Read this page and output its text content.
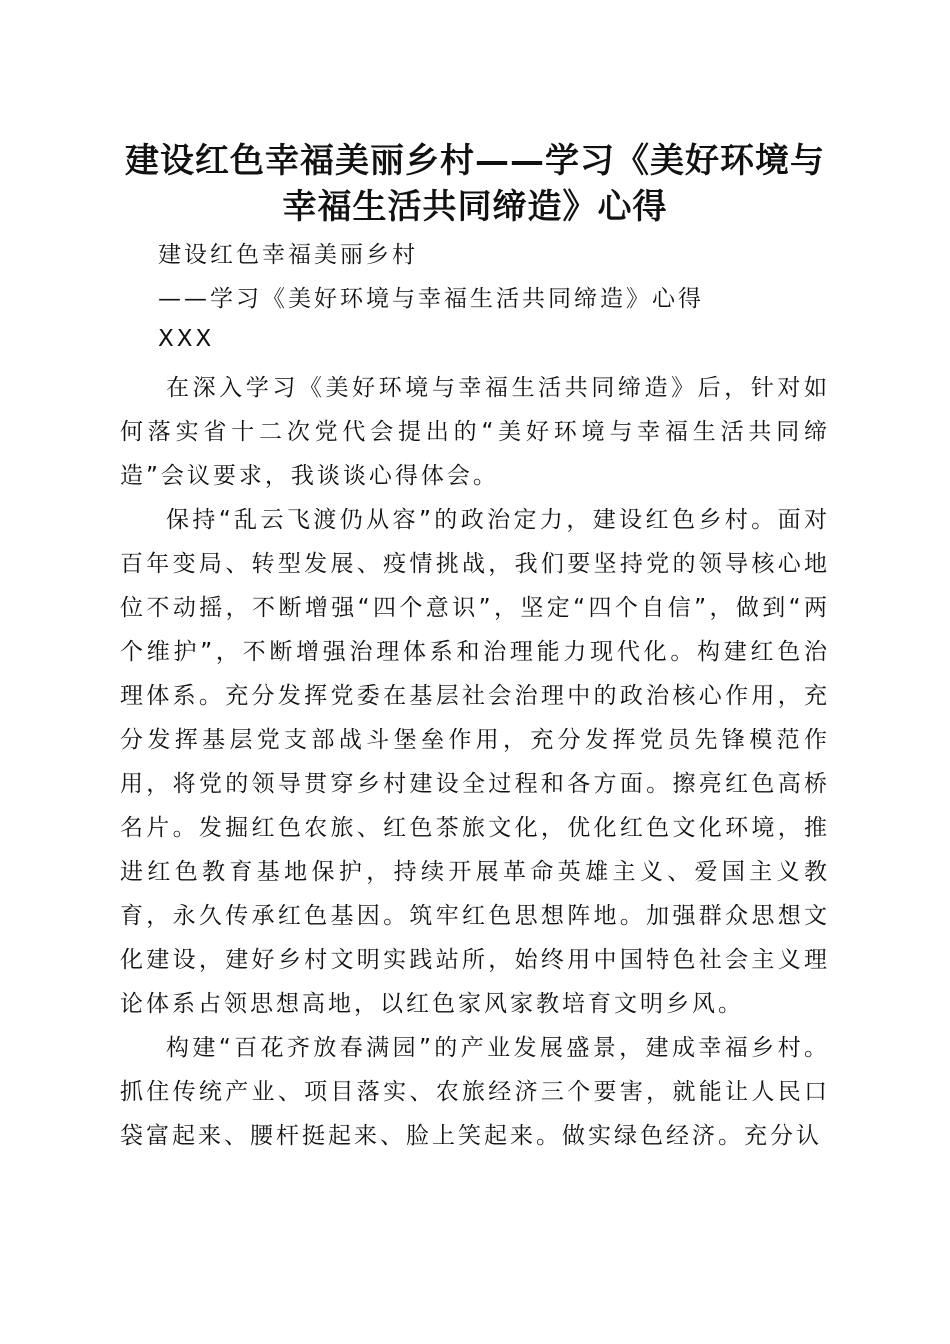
建设红色幸福美丽乡村——学习《美好环境与
幸福生活共同缔造》心得
建设红色幸福美丽乡村
——学习《美好环境与幸福生活共同缔造》心得
XXX

在深入学习《美好环境与幸福生活共同缔造》后，针对如何落实省十二次党代会提出的“美好环境与幸福生活共同缔造”会议要求，我谈谈心得体会。

保持“乱云飞渡仍从容”的政治定力，建设红色乡村。面对百年变局、转型发展、疫情挑战，我们要坚持党的领导核心地位不动摇，不断增强“四个意识”，坚定“四个自信”，做到“两个维护”，不断增强治理体系和治理能力现代化。构建红色治理体系。充分发挥党委在基层社会治理中的政治核心作用，充分发挥基层党支部战斗堡垒作用，充分发挥党员先锋模范作用，将党的领导贯穿乡村建设全过程和各方面。擦亮红色高桥名片。发掘红色农旅、红色茶旅文化，优化红色文化环境，推进红色教育基地保护，持续开展革命英雄主义、爱国主义教育，永久传承红色基因。筑牢红色思想阵地。加强群众思想文化建设，建好乡村文明实践站所，始终用中国特色社会主义理论体系占领思想高地，以红色家风家教培育文明乡风。

构建“百花齐放春满园”的产业发展盛景，建成幸福乡村。抓住传统产业、项目落实、农旅经济三个要害，就能让人民口袋富起来、腰杆挺起来、脸上笑起来。做实绿色经济。充分认
